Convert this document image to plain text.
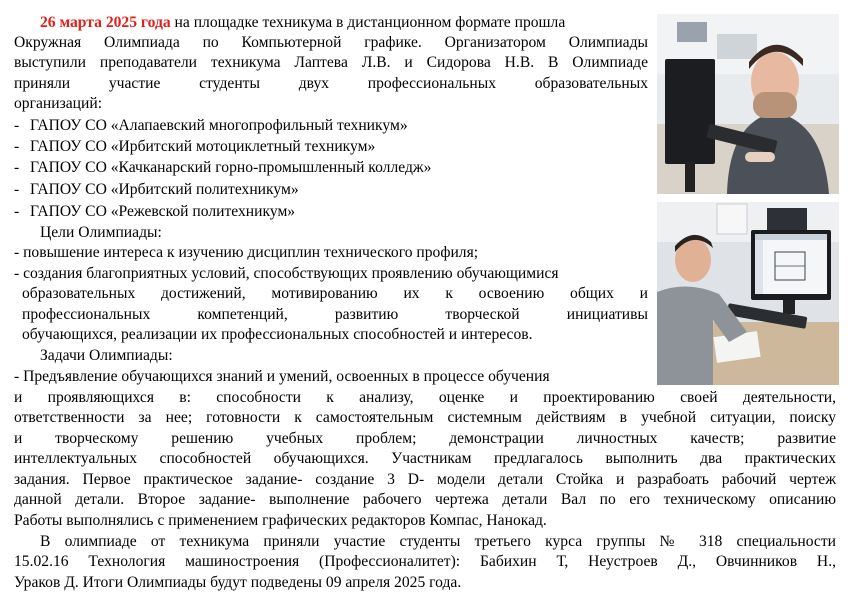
26 марта 2025 года на площадке техникума в дистанционном формате прошла
Окружная Олимпиада по Компьютерной графике. Организатором Олимпиады
выступили преподаватели техникума Лаптева Л.В. и Сидорова Н.В. В Олимпиаде
приняли участие студенты двух профессиональных образовательных
организаций:
- ГАПОУ СО «Алапаевский многопрофильный техникум»
- ГАПОУ СО «Ирбитский мотоциклетный техникум»
- ГАПОУ СО «Качканарский горно-промышленный колледж»
- ГАПОУ СО «Ирбитский политехникум»
- ГАПОУ СО «Режевской политехникум»
Цели Олимпиады:
- повышение интереса к изучению дисциплин технического профиля;
- создания благоприятных условий, способствующих проявлению обучающимися
образовательных достижений, мотивированию их к освоению общих и
профессиональных компетенций, развитию творческой инициативы
обучающихся, реализации их профессиональных способностей и интересов.
Задачи Олимпиады:
- Предъявление обучающихся знаний и умений, освоенных в процессе обучения
и проявляющихся в: способности к анализу, оценке и проектированию своей деятельности,
ответственности за нее; готовности к самостоятельным системным действиям в учебной ситуации, поиску
и творческому решению учебных проблем; демонстрации личностных качеств; развитие
интеллектуальных способностей обучающихся. Участникам предлагалось выполнить два практических
задания. Первое практическое задание- создание 3 D- модели детали Стойка и разрабоать рабочий чертеж
данной детали. Второе задание- выполнение рабочего чертежа детали Вал по его техническому описанию
Работы выполнялись с применением графических редакторов Компас, Нанокад.
В олимпиаде от техникума приняли участие студенты третьего курса группы № 318 специальности
15.02.16 Технология машиностроения (Профессионалитет): Бабихин Т, Неустроев Д., Овчинников Н.,
Ураков Д. Итоги Олимпиады будут подведены 09 апреля 2025 года.
